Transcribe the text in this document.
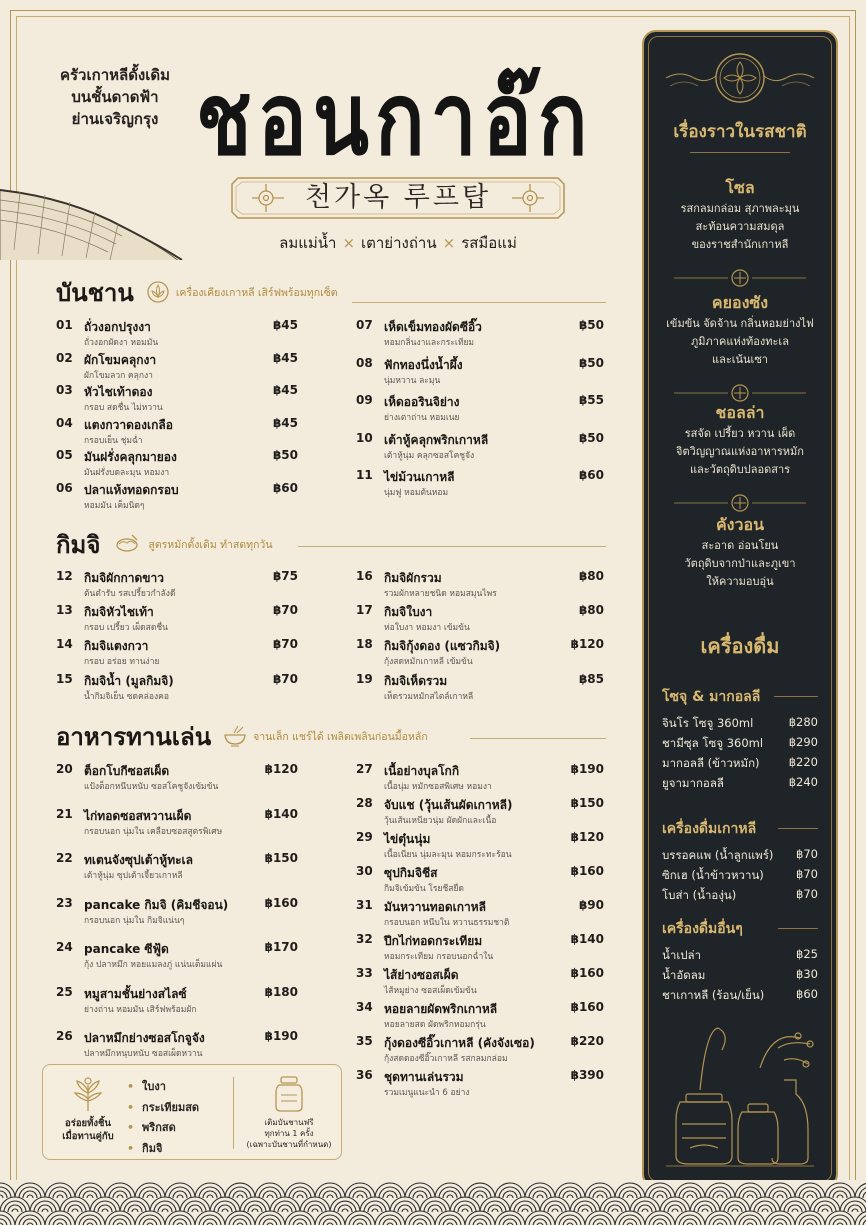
ครัวเกาหลีดั้งเดิม
บนชั้นดาดฟ้า
ย่านเจริญกรุง ชอนกาอ๊ก
천가옥 루프탑
ลมแม่น้ำ × เตาย่างถ่าน × รสมือแม่
บันชาน	เครื่องเคียงเกาหลี เสิร์ฟพร้อมทุกเซ็ต
01 ถั่วงอกปรุงงา
ถั่วงอกผัดงา หอมมัน
฿45
02 ผักโขมคลุกงา
ผักโขมลวก คลุกงา
฿45
03 หัวไชเท้าดอง
กรอบ สดชื่น ไม่หวาน
฿45
04 แตงกวาดองเกลือ
กรอบเย็น ชุ่มฉ่ำ
฿45
05 มันฝรั่งคลุกมายอง
มันฝรั่งบดละมุน หอมงา
฿50
06 ปลาแห้งทอดกรอบ
หอมมัน เค็มนิดๆ
฿60
07 เห็ดเข็มทองผัดซีอิ๊ว
หอมกลิ่นงาและกระเทียม
฿50
08 ฟักทองนึ่งน้ำผึ้ง
นุ่มหวาน ละมุน
฿50
09 เห็ดออรินจิย่าง
ย่างเตาถ่าน หอมเนย
฿55
10 เต้าหู้คลุกพริกเกาหลี
เต้าหู้นุ่ม คลุกซอสโคชูจัง
฿50
11 ไข่ม้วนเกาหลี
นุ่มฟู หอมต้นหอม
฿60
กิมจิ	สูตรหมักดั้งเดิม ทำสดทุกวัน
12 กิมจิผักกาดขาว
ต้นตำรับ รสเปรี้ยวกำลังดี
฿75
13 กิมจิหัวไชเท้า
กรอบ เปรี้ยว เผ็ดสดชื่น
฿70
14 กิมจิแตงกวา
กรอบ อร่อย ทานง่าย
฿70
15 กิมจิน้ำ (มูลกิมจิ)
น้ำกิมจิเย็น ซดคล่องคอ
฿70
16 กิมจิผักรวม
รวมผักหลายชนิด หอมสมุนไพร
฿80
17 กิมจิใบงา
ห่อใบงา หอมงา เข้มข้น
฿80
18 กิมจิกุ้งดอง (แซวกิมจิ)
กุ้งสดหมักเกาหลี เข้มข้น
฿120
19 กิมจิเห็ดรวม
เห็ดรวมหมักสไตล์เกาหลี
฿85
อาหารทานเล่น	จานเล็ก แชร์ได้ เพลิดเพลินก่อนมื้อหลัก
20 ต็อกโบกีซอสเผ็ด
แป้งต็อกหนึบหนับ ซอสโคชูจังเข้มข้น
฿120
21 ไก่ทอดซอสหวานเผ็ด
กรอบนอก นุ่มใน เคลือบซอสสูตรพิเศษ
฿140
22 ทเตนจังซุปเต้าหู้ทะเล
เต้าหู้นุ่ม ซุปเต้าเจี้ยวเกาหลี
฿150
23 pancake กิมจิ (คิมชีจอน)
กรอบนอก นุ่มใน กิมจิแน่นๆ
฿160
24 pancake ซีฟู้ด
กุ้ง ปลาหมึก หอยแมลงภู่ แน่นเต็มแผ่น
฿170
25 หมูสามชั้นย่างสไลซ์
ย่างถ่าน หอมมัน เสิร์ฟพร้อมผัก
฿180
26 ปลาหมึกย่างซอสโกจูจัง
ปลาหมึกหนุบหนับ ซอสเผ็ดหวาน
฿190
27 เนื้อย่างบุลโกกิ
เนื้อนุ่ม หมักซอสพิเศษ หอมงา
฿190
28 จับแช (วุ้นเส้นผัดเกาหลี)
วุ้นเส้นเหนียวนุ่ม ผัดผักและเนื้อ
฿150
29 ไข่ตุ๋นนุ่ม
เนื้อเนียน นุ่มละมุน หอมกระทะร้อน
฿120
30 ซุปกิมจิชีส
กิมจิเข้มข้น โรยชีสยืด
฿160
31 มันหวานทอดเกาหลี
กรอบนอก หนึบใน หวานธรรมชาติ
฿90
32 ปีกไก่ทอดกระเทียม
หอมกระเทียม กรอบนอกฉ่ำใน
฿140
33 ไส้ย่างซอสเผ็ด
ไส้หมูย่าง ซอสเผ็ดเข้มข้น
฿160
34 หอยลายผัดพริกเกาหลี
หอยลายสด ผัดพริกหอมกรุ่น
฿160
35 กุ้งดองซีอิ๊วเกาหลี (คังจังเซอ)
กุ้งสดดองซีอิ๊วเกาหลี รสกลมกล่อม
฿220
36 ชุดทานเล่นรวม
รวมเมนูแนะนำ 6 อย่าง
฿390
อร่อยทั้งชิ้น
เมื่อทานคู่กับ
• ใบงา
• กระเทียมสด
• พริกสด
• กิมจิ
เติมบันชานฟรี
ทุกท่าน 1 ครั้ง
(เฉพาะบันชานที่กำหนด)
เรื่องราวในรสชาติ
โซล
รสกลมกล่อม สุภาพละมุน
สะท้อนความสมดุล
ของราชสำนักเกาหลี
คยองซัง
เข้มข้น จัดจ้าน กลิ่นหอมย่างไฟ
ภูมิภาคแห่งท้องทะเล
และเน้นเซา
ชอลล่า
รสจัด เปรี้ยว หวาน เผ็ด
จิตวิญญาณแห่งอาหารหมัก
และวัตถุดิบปลอดสาร
คังวอน
สะอาด อ่อนโยน
วัตถุดิบจากป่าและภูเขา
ให้ความอบอุ่น
เครื่องดื่ม
โซจุ & มากอลลี
จินโร โซจู 360ml	฿280
ชามีซุล โซจู 360ml ฿290
มากอลลี (ข้าวหมัก)	฿220
ยูจามากอลลี	฿240
เครื่องดื่มเกาหลี
บรรอคแพ (น้ำลูกแพร์) ฿70
ซิกเฮ (น้ำข้าวหวาน)	฿70
โบส่า (น้ำองุ่น)	฿70
เครื่องดื่มอื่นๆ
น้ำเปล่า	฿25
น้ำอัดลม	฿30
ชาเกาหลี (ร้อน/เย็น)	฿60
